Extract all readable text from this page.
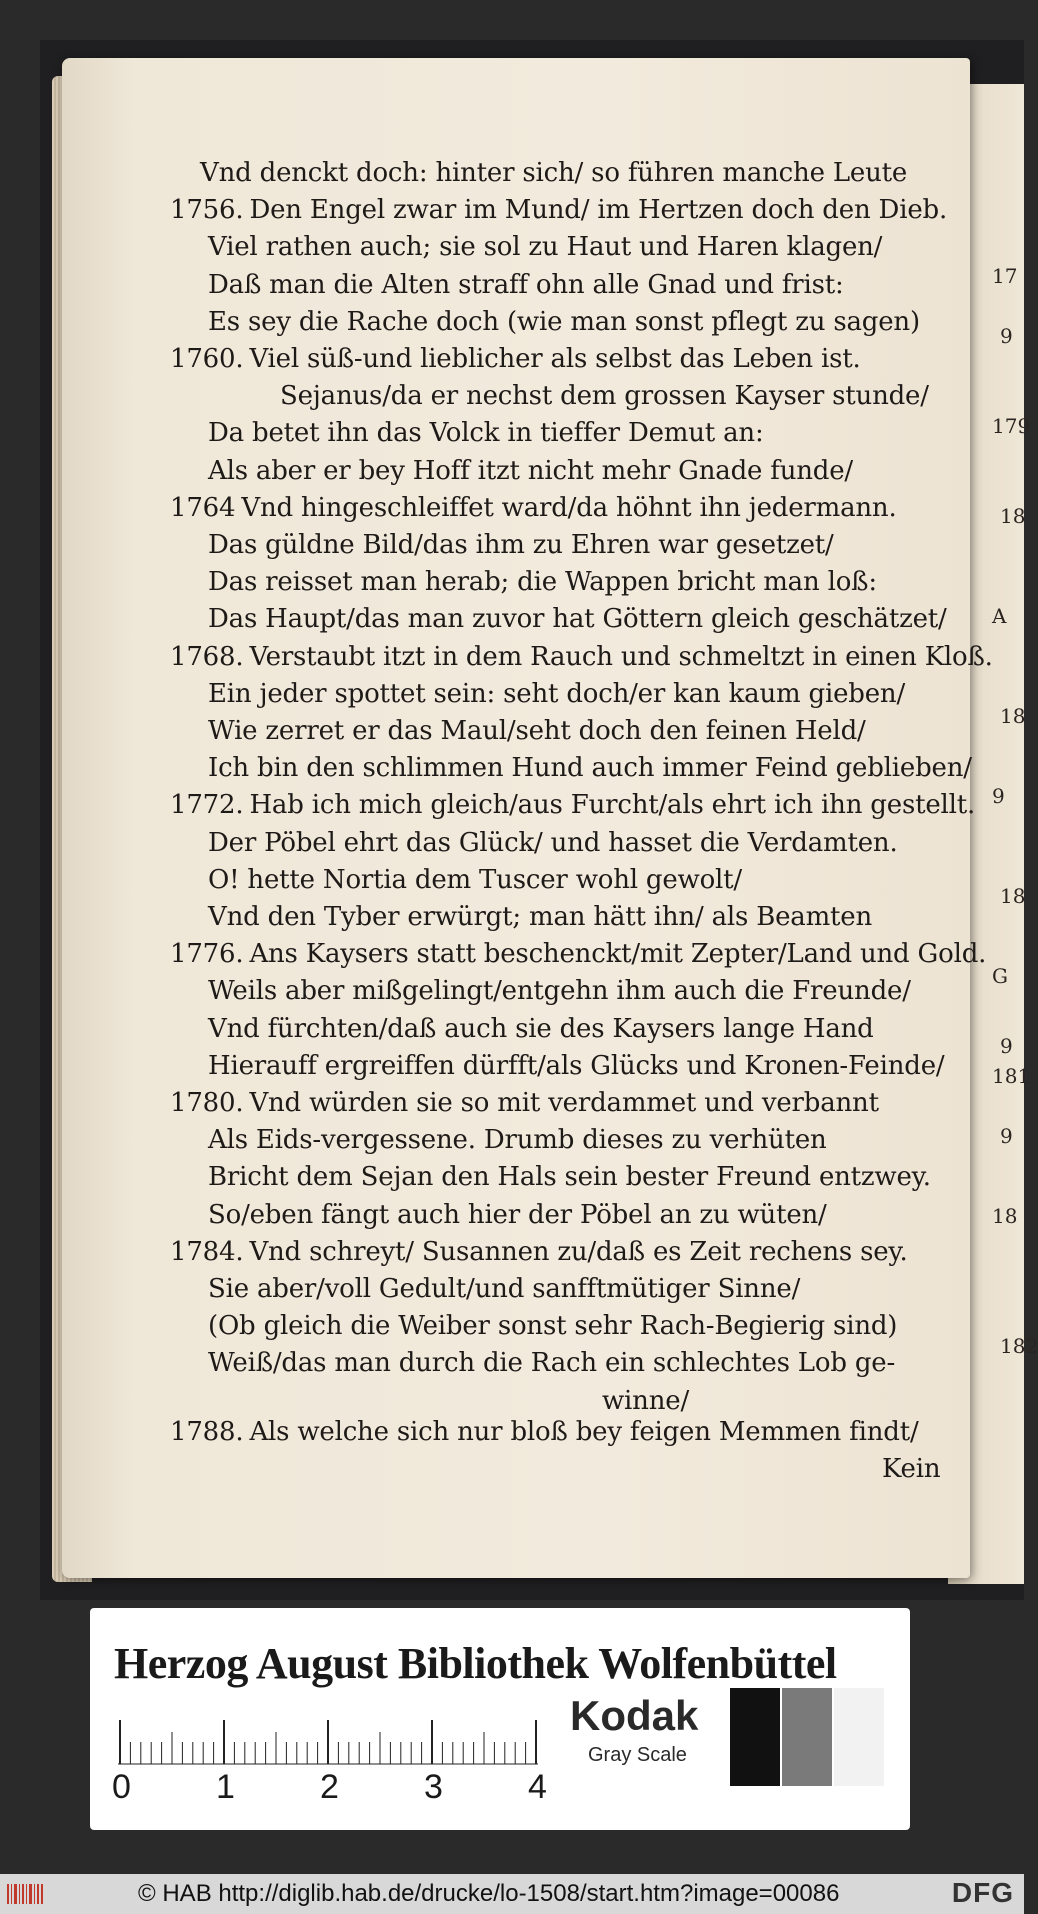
17
9
179
18
A
18
9
18
G
9
181
9
18
182
Vnd denckt doch: hinter sich/ so führen manche Leute
1756. Den Engel zwar im Mund/ im Hertzen doch den Dieb.
Viel rathen auch; sie sol zu Haut und Haren klagen/
Daß man die Alten straff ohn alle Gnad und frist:
Es sey die Rache doch (wie man sonst pflegt zu sagen)
1760. Viel süß-und lieblicher als selbst das Leben ist.
Sejanus/da er nechst dem grossen Kayser stunde/
Da betet ihn das Volck in tieffer Demut an:
Als aber er bey Hoff itzt nicht mehr Gnade funde/
1764 Vnd hingeschleiffet ward/da höhnt ihn jedermann.
Das güldne Bild/das ihm zu Ehren war gesetzet/
Das reisset man herab; die Wappen bricht man loß:
Das Haupt/das man zuvor hat Göttern gleich geschätzet/
1768. Verstaubt itzt in dem Rauch und schmeltzt in einen Kloß.
Ein jeder spottet sein: seht doch/er kan kaum gieben/
Wie zerret er das Maul/seht doch den feinen Held/
Ich bin den schlimmen Hund auch immer Feind geblieben/
1772. Hab ich mich gleich/aus Furcht/als ehrt ich ihn gestellt.
Der Pöbel ehrt das Glück/ und hasset die Verdamten.
O! hette Nortia dem Tuscer wohl gewolt/
Vnd den Tyber erwürgt; man hätt ihn/ als Beamten
1776. Ans Kaysers statt beschenckt/mit Zepter/Land und Gold.
Weils aber mißgelingt/entgehn ihm auch die Freunde/
Vnd fürchten/daß auch sie des Kaysers lange Hand
Hierauff ergreiffen dürfft/als Glücks und Kronen-Feinde/
1780. Vnd würden sie so mit verdammet und verbannt
Als Eids-vergessene. Drumb dieses zu verhüten
Bricht dem Sejan den Hals sein bester Freund entzwey.
So/eben fängt auch hier der Pöbel an zu wüten/
1784. Vnd schreyt/ Susannen zu/daß es Zeit rechens sey.
Sie aber/voll Gedult/und sanfftmütiger Sinne/
(Ob gleich die Weiber sonst sehr Rach-Begierig sind)
Weiß/das man durch die Rach ein schlechtes Lob ge-
winne/
1788. Als welche sich nur bloß bey feigen Memmen findt/
Kein
Herzog August Bibliothek Wolfenbüttel
0	1	2	3	4
Kodak
Gray Scale
© HAB http://diglib.hab.de/drucke/lo-1508/start.htm?image=00086	DFG
